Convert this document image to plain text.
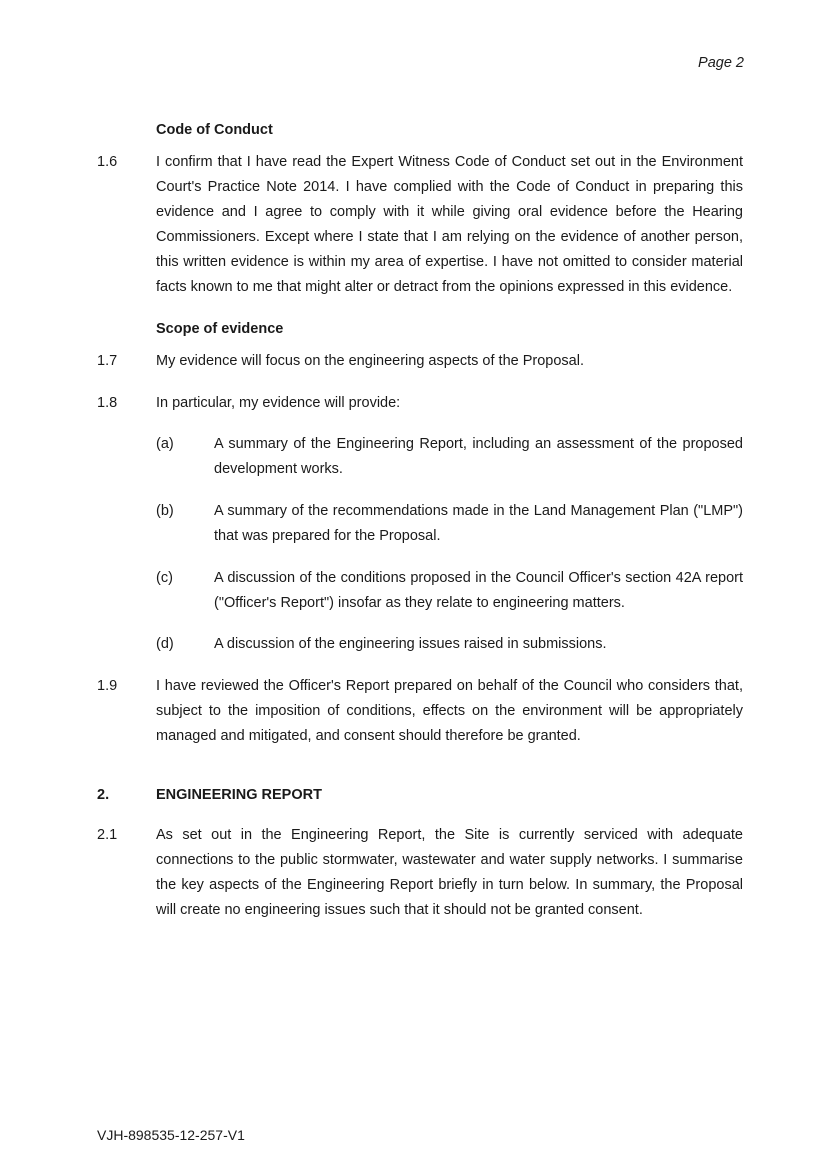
Page 2
Code of Conduct
1.6	I confirm that I have read the Expert Witness Code of Conduct set out in the Environment Court's Practice Note 2014. I have complied with the Code of Conduct in preparing this evidence and I agree to comply with it while giving oral evidence before the Hearing Commissioners. Except where I state that I am relying on the evidence of another person, this written evidence is within my area of expertise. I have not omitted to consider material facts known to me that might alter or detract from the opinions expressed in this evidence.
Scope of evidence
1.7	My evidence will focus on the engineering aspects of the Proposal.
1.8	In particular, my evidence will provide:
(a)	A summary of the Engineering Report, including an assessment of the proposed development works.
(b)	A summary of the recommendations made in the Land Management Plan ("LMP") that was prepared for the Proposal.
(c)	A discussion of the conditions proposed in the Council Officer's section 42A report ("Officer's Report") insofar as they relate to engineering matters.
(d)	A discussion of the engineering issues raised in submissions.
1.9	I have reviewed the Officer's Report prepared on behalf of the Council who considers that, subject to the imposition of conditions, effects on the environment will be appropriately managed and mitigated, and consent should therefore be granted.
2.	ENGINEERING REPORT
2.1	As set out in the Engineering Report, the Site is currently serviced with adequate connections to the public stormwater, wastewater and water supply networks. I summarise the key aspects of the Engineering Report briefly in turn below. In summary, the Proposal will create no engineering issues such that it should not be granted consent.
VJH-898535-12-257-V1
